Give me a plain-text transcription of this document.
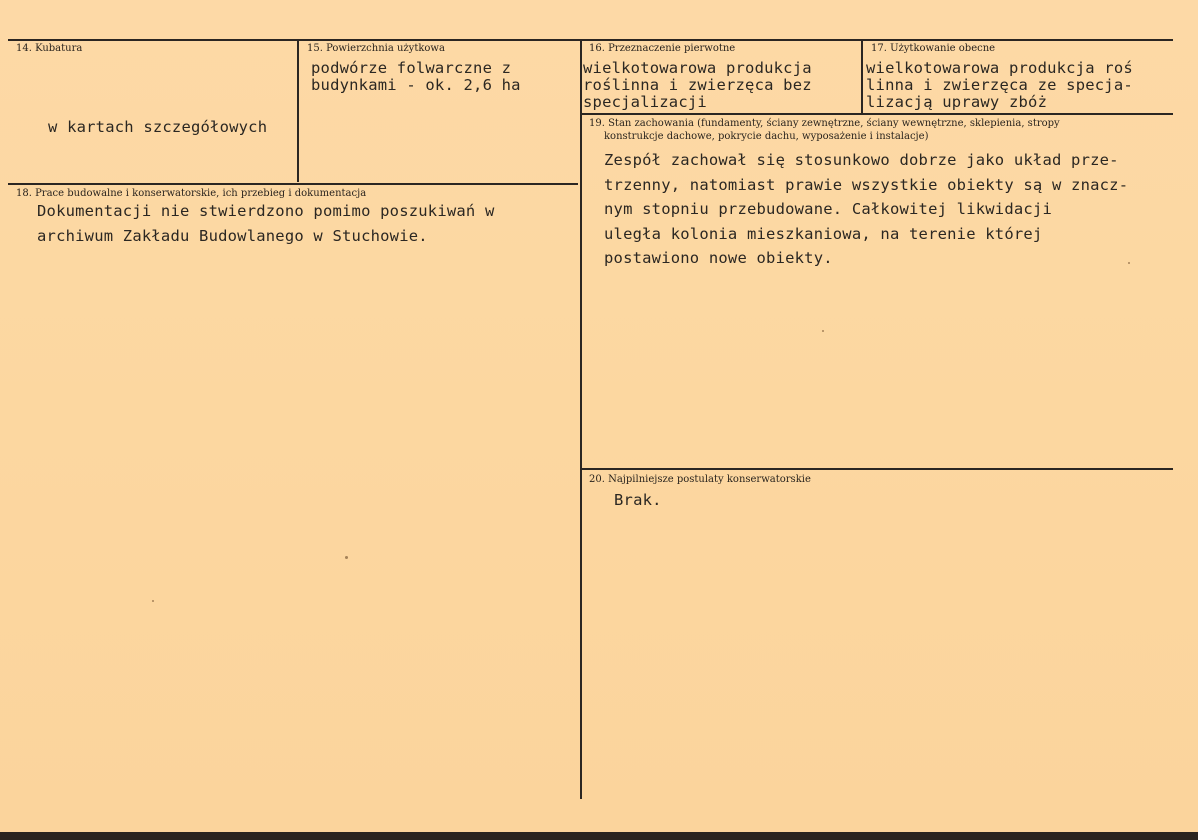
14. Kubatura
w kartach szczegółowych
15. Powierzchnia użytkowa
podwórze folwarczne z
budynkami - ok. 2,6 ha
16. Przeznaczenie pierwotne
wielkotowarowa produkcja
roślinna i zwierzęca bez
specjalizacji
17. Użytkowanie obecne
wielkotowarowa produkcja roś
linna i zwierzęca ze specja-
lizacją uprawy zbóż
18. Prace budowalne i konserwatorskie, ich przebieg i dokumentacja
Dokumentacji nie stwierdzono pomimo poszukiwań w
archiwum Zakładu Budowlanego w Stuchowie.
19. Stan zachowania (fundamenty, ściany zewnętrzne, ściany wewnętrzne, sklepienia, stropy
konstrukcje dachowe, pokrycie dachu, wyposażenie i instalacje)
Zespół zachował się stosunkowo dobrze jako układ prze-
trzenny, natomiast prawie wszystkie obiekty są w znacz-
nym stopniu przebudowane. Całkowitej likwidacji
uległa kolonia mieszkaniowa, na terenie której
postawiono nowe obiekty.
20. Najpilniejsze postulaty konserwatorskie
Brak.
